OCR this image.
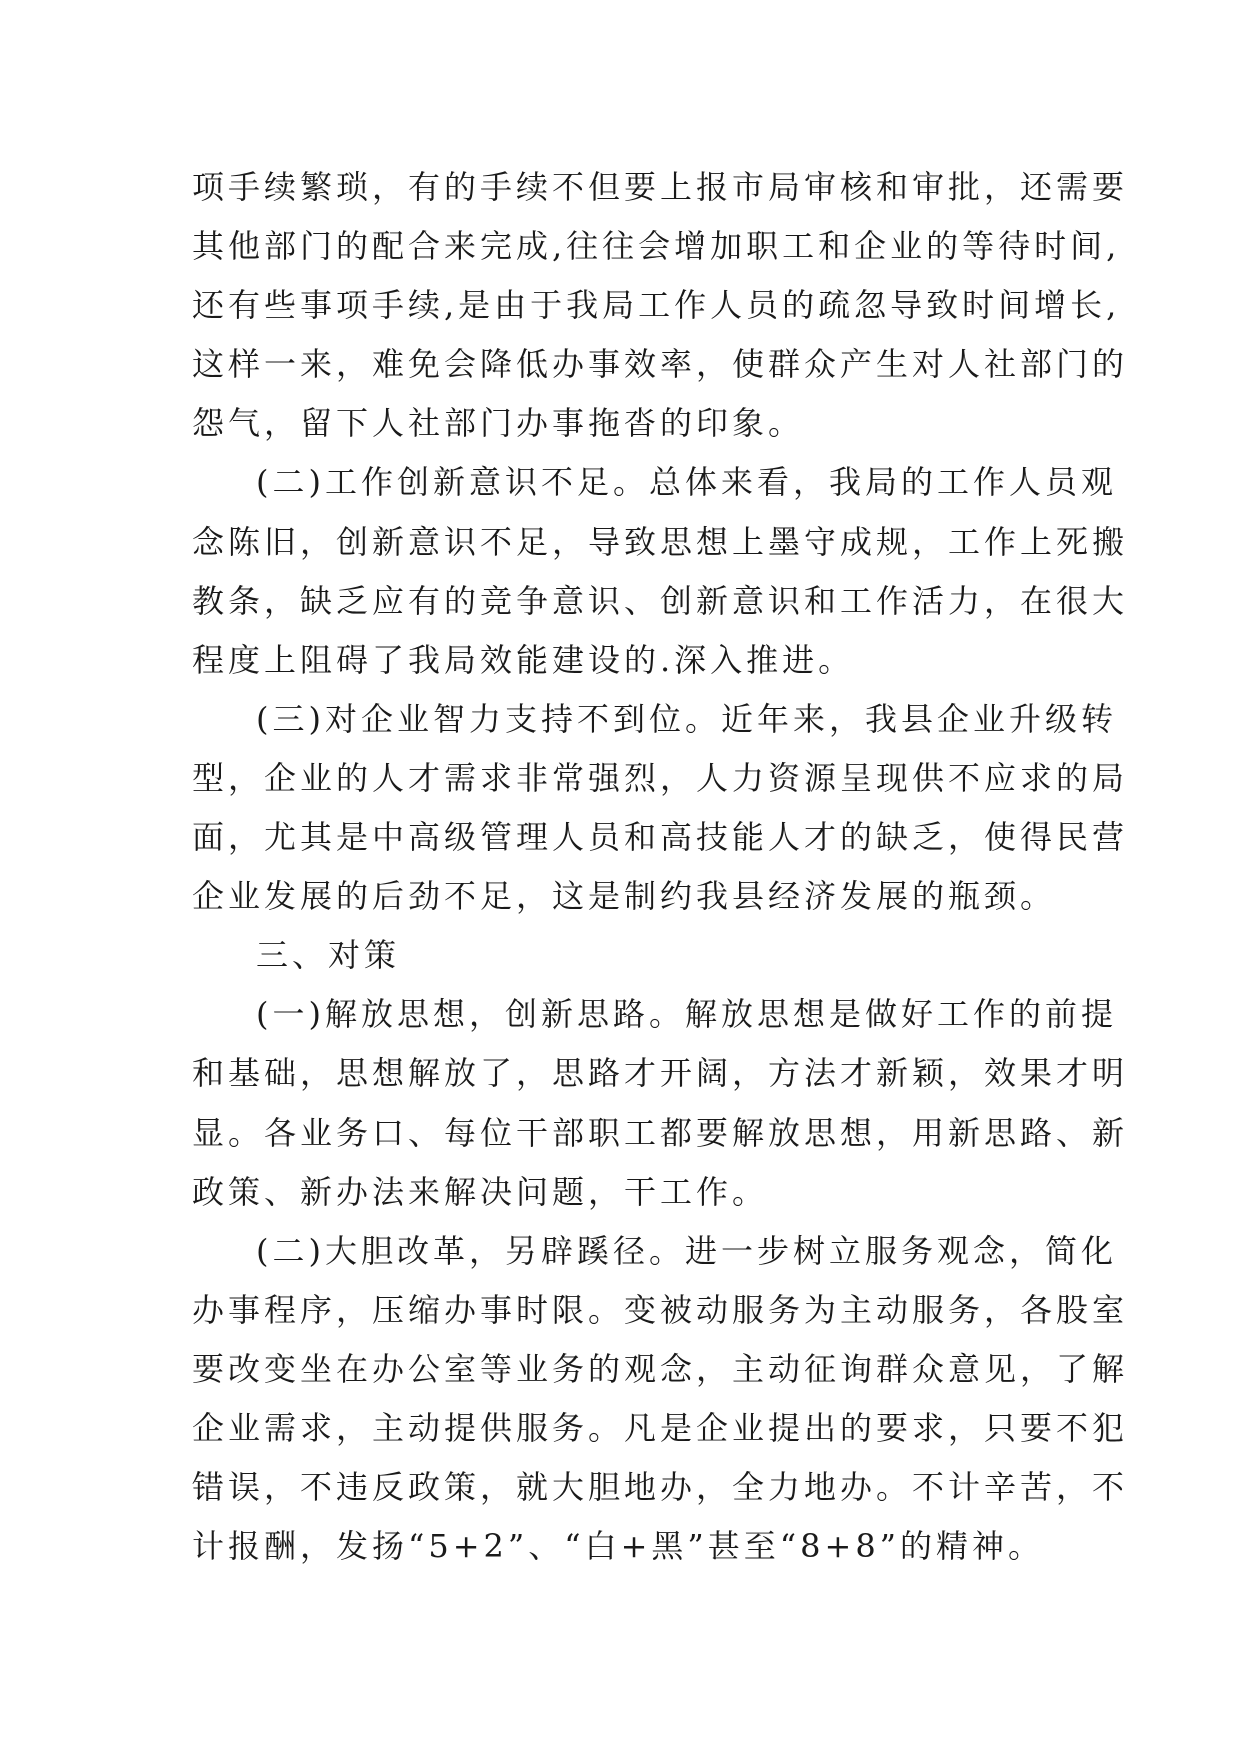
项手续繁琐，有的手续不但要上报市局审核和审批，还需要
其他部门的配合来完成,往往会增加职工和企业的等待时间,
还有些事项手续,是由于我局工作人员的疏忽导致时间增长,
这样一来，难免会降低办事效率，使群众产生对人社部门的
怨气，留下人社部门办事拖沓的印象。
(二)工作创新意识不足。总体来看，我局的工作人员观
念陈旧，创新意识不足，导致思想上墨守成规，工作上死搬
教条，缺乏应有的竞争意识、创新意识和工作活力，在很大
程度上阻碍了我局效能建设的.深入推进。
(三)对企业智力支持不到位。近年来，我县企业升级转
型，企业的人才需求非常强烈，人力资源呈现供不应求的局
面，尤其是中高级管理人员和高技能人才的缺乏，使得民营
企业发展的后劲不足，这是制约我县经济发展的瓶颈。
三、对策
(一)解放思想，创新思路。解放思想是做好工作的前提
和基础，思想解放了，思路才开阔，方法才新颖，效果才明
显。各业务口、每位干部职工都要解放思想，用新思路、新
政策、新办法来解决问题，干工作。
(二)大胆改革，另辟蹊径。进一步树立服务观念，简化
办事程序，压缩办事时限。变被动服务为主动服务，各股室
要改变坐在办公室等业务的观念，主动征询群众意见，了解
企业需求，主动提供服务。凡是企业提出的要求，只要不犯
错误，不违反政策，就大胆地办，全力地办。不计辛苦，不
计报酬，发扬“5+2”、“白+黑”甚至“8+8”的精神。
